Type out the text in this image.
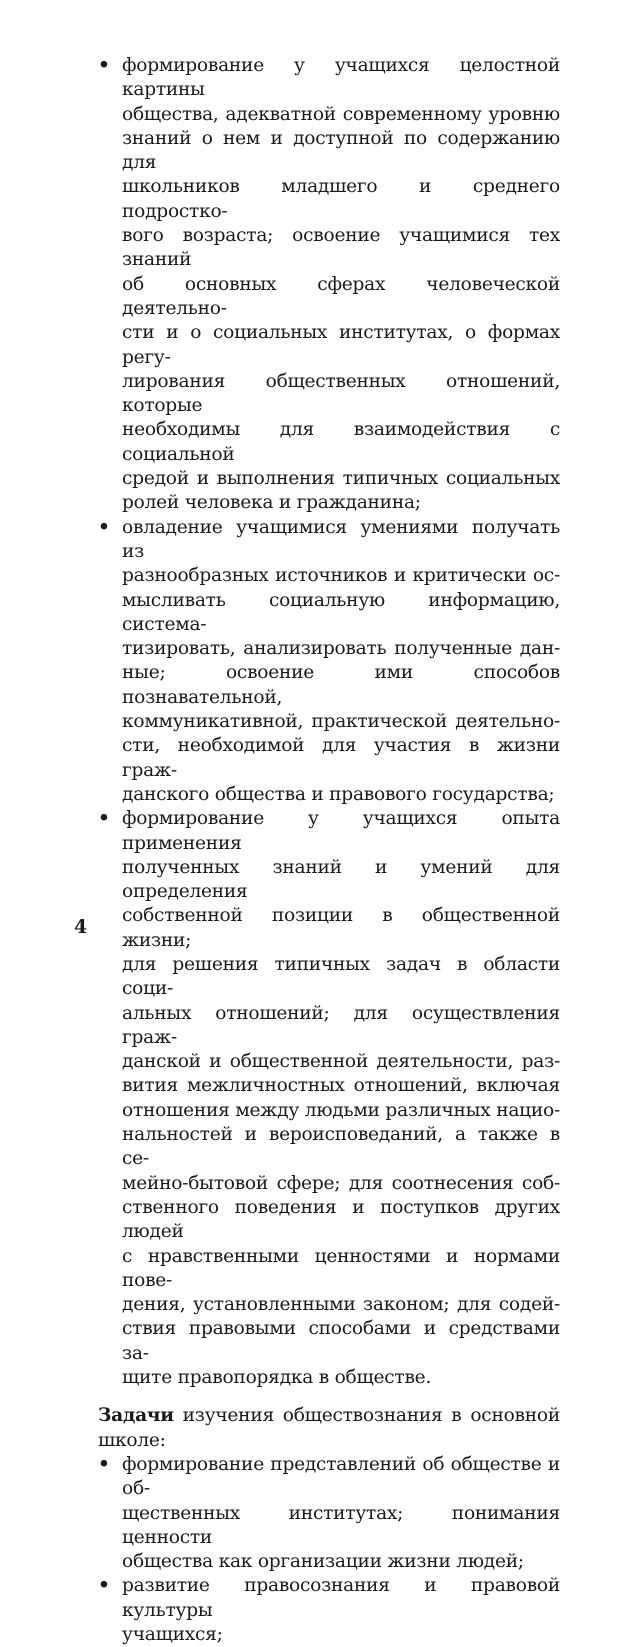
• формирование у учащихся целостной картины
общества, адекватной современному уровню
знаний о нем и доступной по содержанию для
школьников младшего и среднего подростко-
вого возраста; освоение учащимися тех знаний
об основных сферах человеческой деятельно-
сти и о социальных институтах, о формах регу-
лирования общественных отношений, которые
необходимы для взаимодействия с социальной
средой и выполнения типичных социальных
ролей человека и гражданина;
• овладение учащимися умениями получать из
разнообразных источников и критически ос-
мысливать социальную информацию, система-
тизировать, анализировать полученные дан-
ные; освоение ими способов познавательной,
коммуникативной, практической деятельно-
сти, необходимой для участия в жизни граж-
данского общества и правового государства;
• формирование у учащихся опыта применения
полученных знаний и умений для определения
собственной позиции в общественной жизни;
для решения типичных задач в области соци-
альных отношений; для осуществления граж-
данской и общественной деятельности, раз-
вития межличностных отношений, включая
отношения между людьми различных нацио-
нальностей и вероисповеданий, а также в се-
мейно-бытовой сфере; для соотнесения соб-
ственного поведения и поступков других людей
с нравственными ценностями и нормами пове-
дения, установленными законом; для содей-
ствия правовыми способами и средствами за-
щите правопорядка в обществе.
Задачи изучения обществознания в основной
школе:
• формирование представлений об обществе и об-
щественных институтах; понимания ценности
общества как организации жизни людей;
• развитие правосознания и правовой культуры
учащихся;
4
